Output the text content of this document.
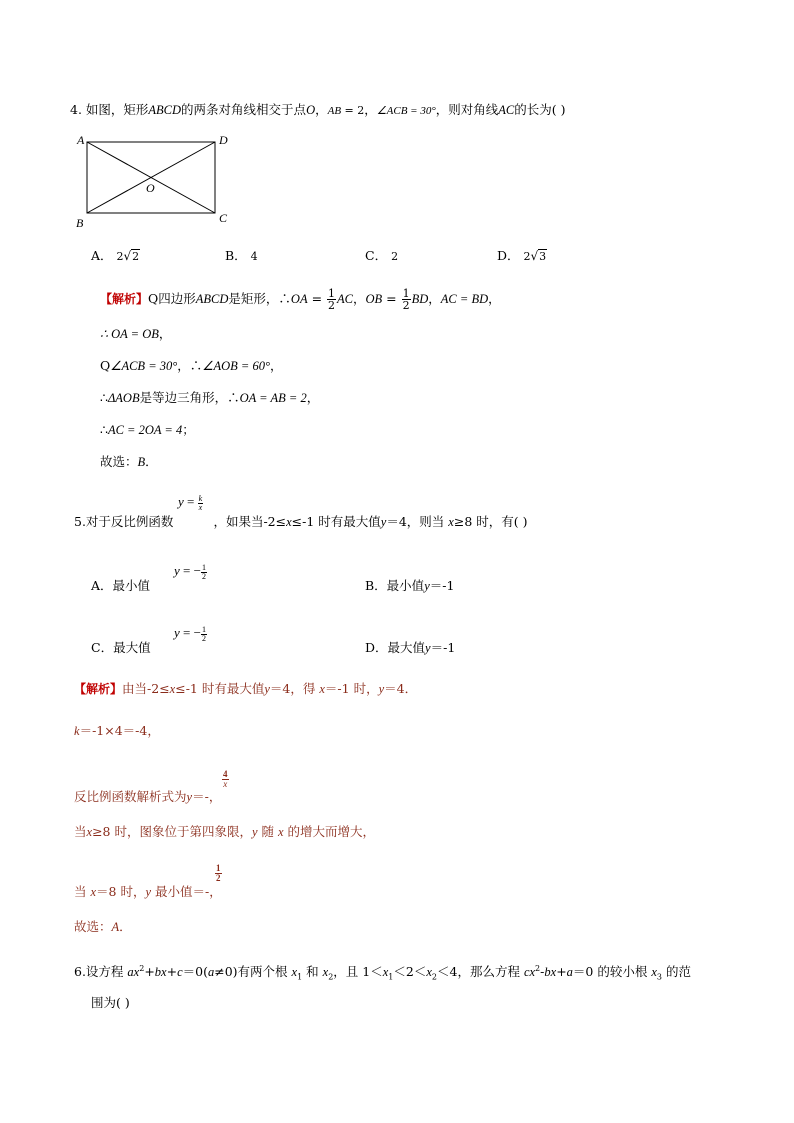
4. 如图，矩形ABCD的两条对角线相交于点O，AB = 2，∠ACB = 30°，则对角线AC的长为( )
A	D
B	C
O
A． 2√2	B． 4	C． 2	D． 2√3
【解析】Q四边形ABCD是矩形，∴OA = $\frac{1}{2}$ AC，OB = $\frac{1}{2}$ BD，AC = BD，
∴ OA = OB，
Q∠ACB = 30°，∴∠AOB = 60°，
∴ΔAOB是等边三角形，∴OA = AB = 2，
∴AC = 2OA = 4；
故选：B．
$y = \frac{k}{x}$
5.对于反比例函数	，如果当-2≤x≤-1 时有最大值y＝4，则当 x≥8 时，有( )
y = − $\frac{1}{2}$
A．最小值	B．最小值y＝-1
y = − $\frac{1}{2}$
C．最大值	D．最大值y＝-1
【解析】由当-2≤x≤-1 时有最大值y＝4，得 x＝-1 时，y＝4．
k＝-1×4＝-4，
反比例函数解析式为y＝-，
$\frac{4}{x}$
当x≥8 时，图象位于第四象限，y 随 x 的增大而增大，
当 x＝8 时，y 最小值＝-，
$\frac{1}{2}$
故选：A．
6.设方程 $ax^2+bx+c=0(a\ne 0)$有两个根 $x_1$ 和 $x_2$，且 $1<x_1<2<x_2<4$，那么方程 $cx^2-bx+a=0$ 的较小根 $x_3$ 的范
围为( )
